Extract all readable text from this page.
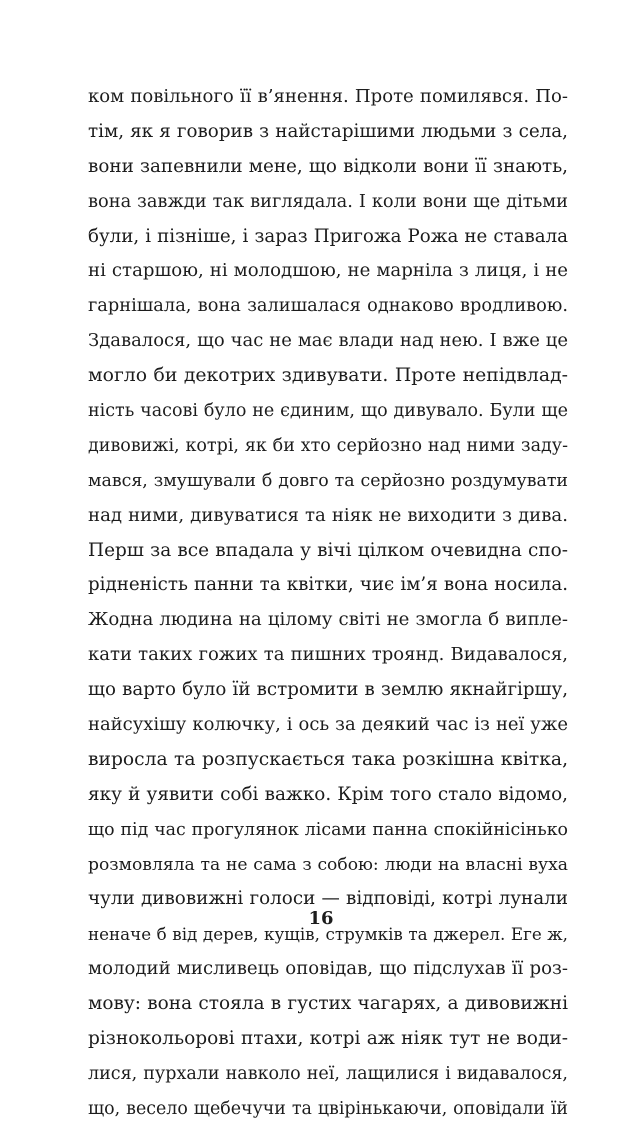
ком повільного її в’янення. Проте помилявся. По-
тім, як я говорив з найстарішими людьми з села,
вони запевнили мене, що відколи вони її знають,
вона завжди так виглядала. І коли вони ще дітьми
були, і пізніше, і зараз Пригожа Рожа не ставала
ні старшою, ні молодшою, не марніла з лиця, і не
гарнішала, вона залишалася однаково вродливою.
Здавалося, що час не має влади над нею. І вже це
могло би декотрих здивувати. Проте непідвлад-
ність часові було не єдиним, що дивувало. Були ще
дивовижі, котрі, як би хто серйозно над ними заду-
мався, змушували б довго та серйозно роздумувати
над ними, дивуватися та ніяк не виходити з дива.
Перш за все впадала у вічі цілком очевидна спо-
рідненість панни та квітки, чиє ім’я вона носила.
Жодна людина на цілому світі не змогла б виплe-
кати таких гожих та пишних троянд. Видавалося,
що варто було їй встромити в землю якнайгіршу,
найсухішу колючку, і ось за деякий час із неї уже
виросла та розпускається така розкішна квітка,
яку й уявити собі важко. Крім того стало відомо,
що під час прогулянок лісами панна спокійнісінько
розмовляла та не сама з собою: люди на власні вуха
чули дивовижні голоси — відповіді, котрі лунали
неначе б від дерев, кущів, струмків та джерел. Еге ж,
молодий мисливець оповідав, що підслухав її роз-
мову: вона стояла в густих чагарях, а дивовижні
різнокольорові птахи, котрі аж ніяк тут не води-
лися, пурхали навколо неї, лащилися і видавалося,
що, весело щебечучи та цвірінькаючи, оповідали їй
16
